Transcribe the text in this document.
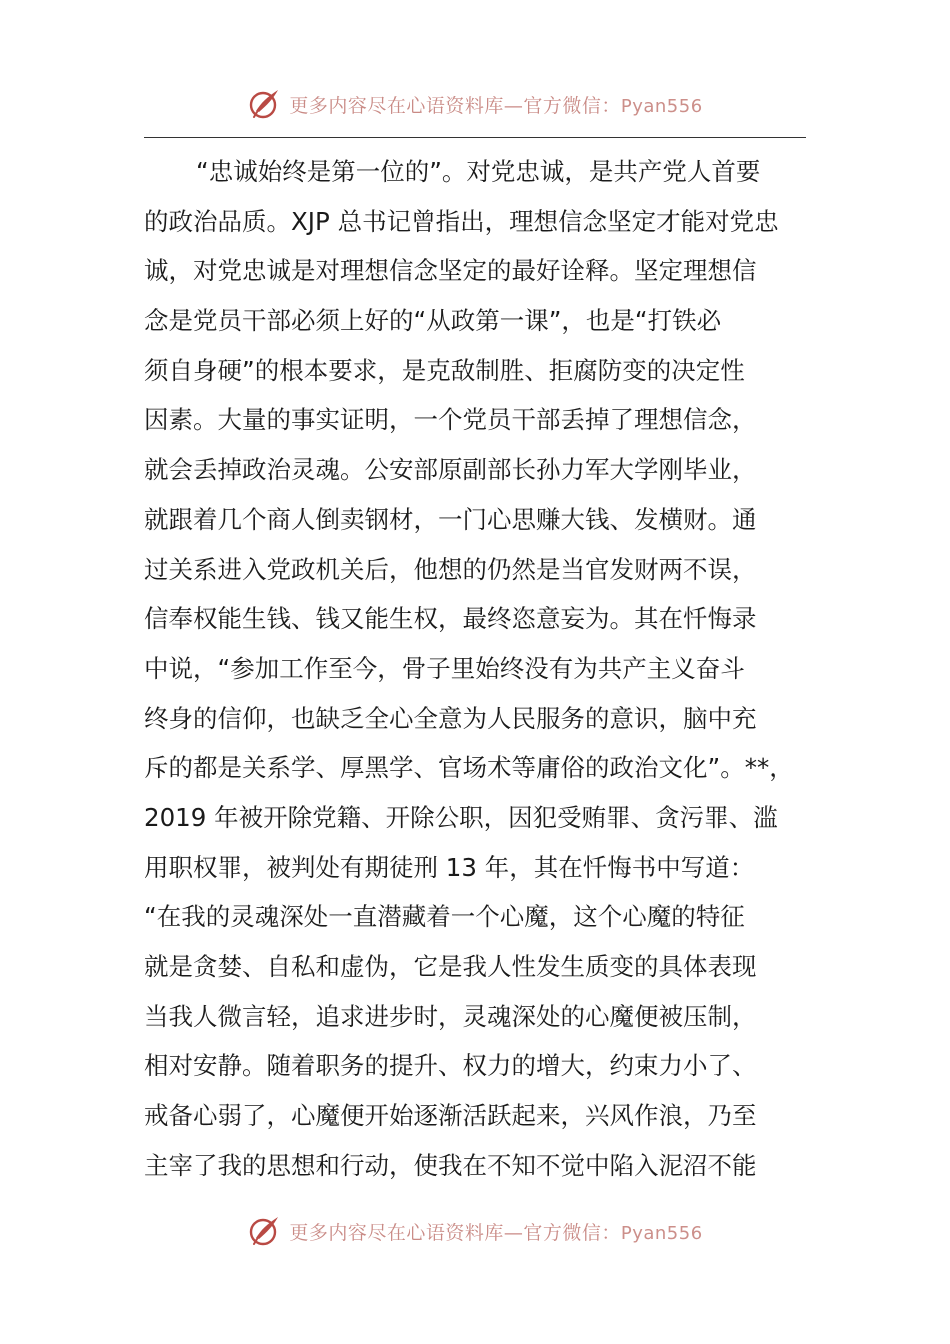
更多内容尽在心语资料库—官方微信：Pyan556
“忠诚始终是第一位的”。对党忠诚，是共产党人首要
的政治品质。XJP 总书记曾指出，理想信念坚定才能对党忠
诚，对党忠诚是对理想信念坚定的最好诠释。坚定理想信
念是党员干部必须上好的“从政第一课”，也是“打铁必
须自身硬”的根本要求，是克敌制胜、拒腐防变的决定性
因素。大量的事实证明，一个党员干部丢掉了理想信念，
就会丢掉政治灵魂。公安部原副部长孙力军大学刚毕业，
就跟着几个商人倒卖钢材，一门心思赚大钱、发横财。通
过关系进入党政机关后，他想的仍然是当官发财两不误，
信奉权能生钱、钱又能生权，最终恣意妄为。其在忏悔录
中说，“参加工作至今，骨子里始终没有为共产主义奋斗
终身的信仰，也缺乏全心全意为人民服务的意识，脑中充
斥的都是关系学、厚黑学、官场术等庸俗的政治文化”。**，
2019 年被开除党籍、开除公职，因犯受贿罪、贪污罪、滥
用职权罪，被判处有期徒刑 13 年，其在忏悔书中写道：
“在我的灵魂深处一直潜藏着一个心魔，这个心魔的特征
就是贪婪、自私和虚伪，它是我人性发生质变的具体表现
当我人微言轻，追求进步时，灵魂深处的心魔便被压制，
相对安静。随着职务的提升、权力的增大，约束力小了、
戒备心弱了，心魔便开始逐渐活跃起来，兴风作浪，乃至
主宰了我的思想和行动，使我在不知不觉中陷入泥沼不能
更多内容尽在心语资料库—官方微信：Pyan556
